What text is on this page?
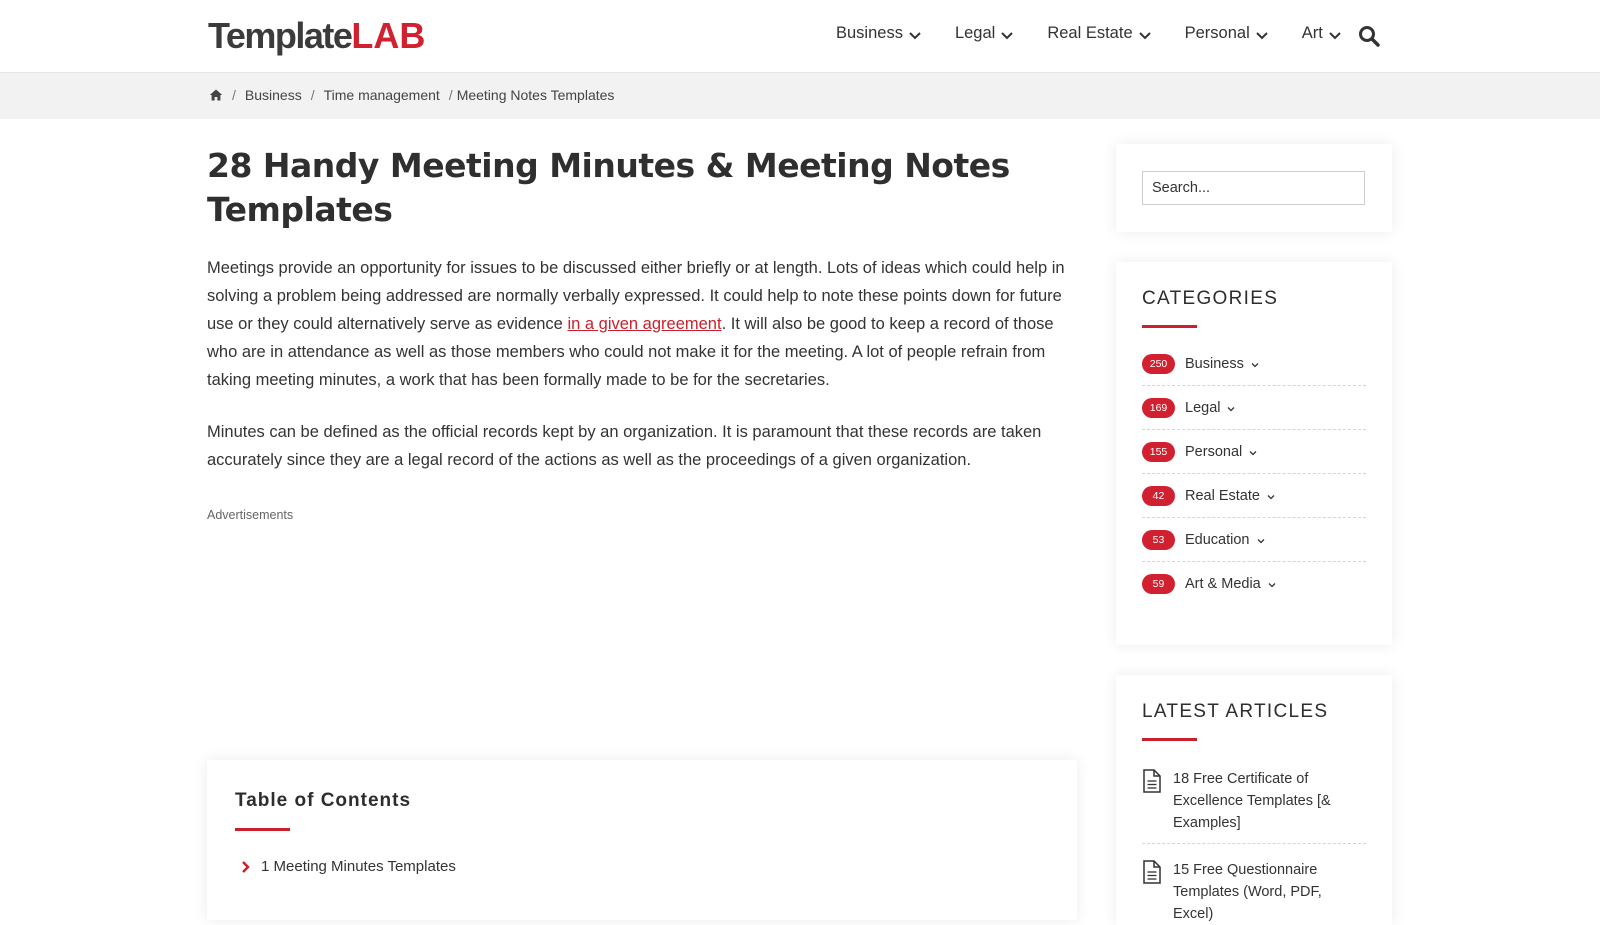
Template LAB	Business	Legal	Real Estate	Personal	Art
/ Business / Time management / Meeting Notes Templates
28 Handy Meeting Minutes & Meeting Notes Templates

Meetings provide an opportunity for issues to be discussed either briefly or at length. Lots of ideas which could help in solving a problem being addressed are normally verbally expressed. It could help to note these points down for future use or they could alternatively serve as evidence in a given agreement. It will also be good to keep a record of those who are in attendance as well as those members who could not make it for the meeting. A lot of people refrain from taking meeting minutes, a work that has been formally made to be for the secretaries.

Minutes can be defined as the official records kept by an organization. It is paramount that these records are taken accurately since they are a legal record of the actions as well as the proceedings of a given organization.

Advertisements
Table of Contents
1 Meeting Minutes Templates
Search...
CATEGORIES
250	Business
169	Legal
155	Personal
42	Real Estate
53	Education
59	Art & Media
LATEST ARTICLES
18 Free Certificate of Excellence Templates [& Examples]
15 Free Questionnaire Templates (Word, PDF, Excel)
